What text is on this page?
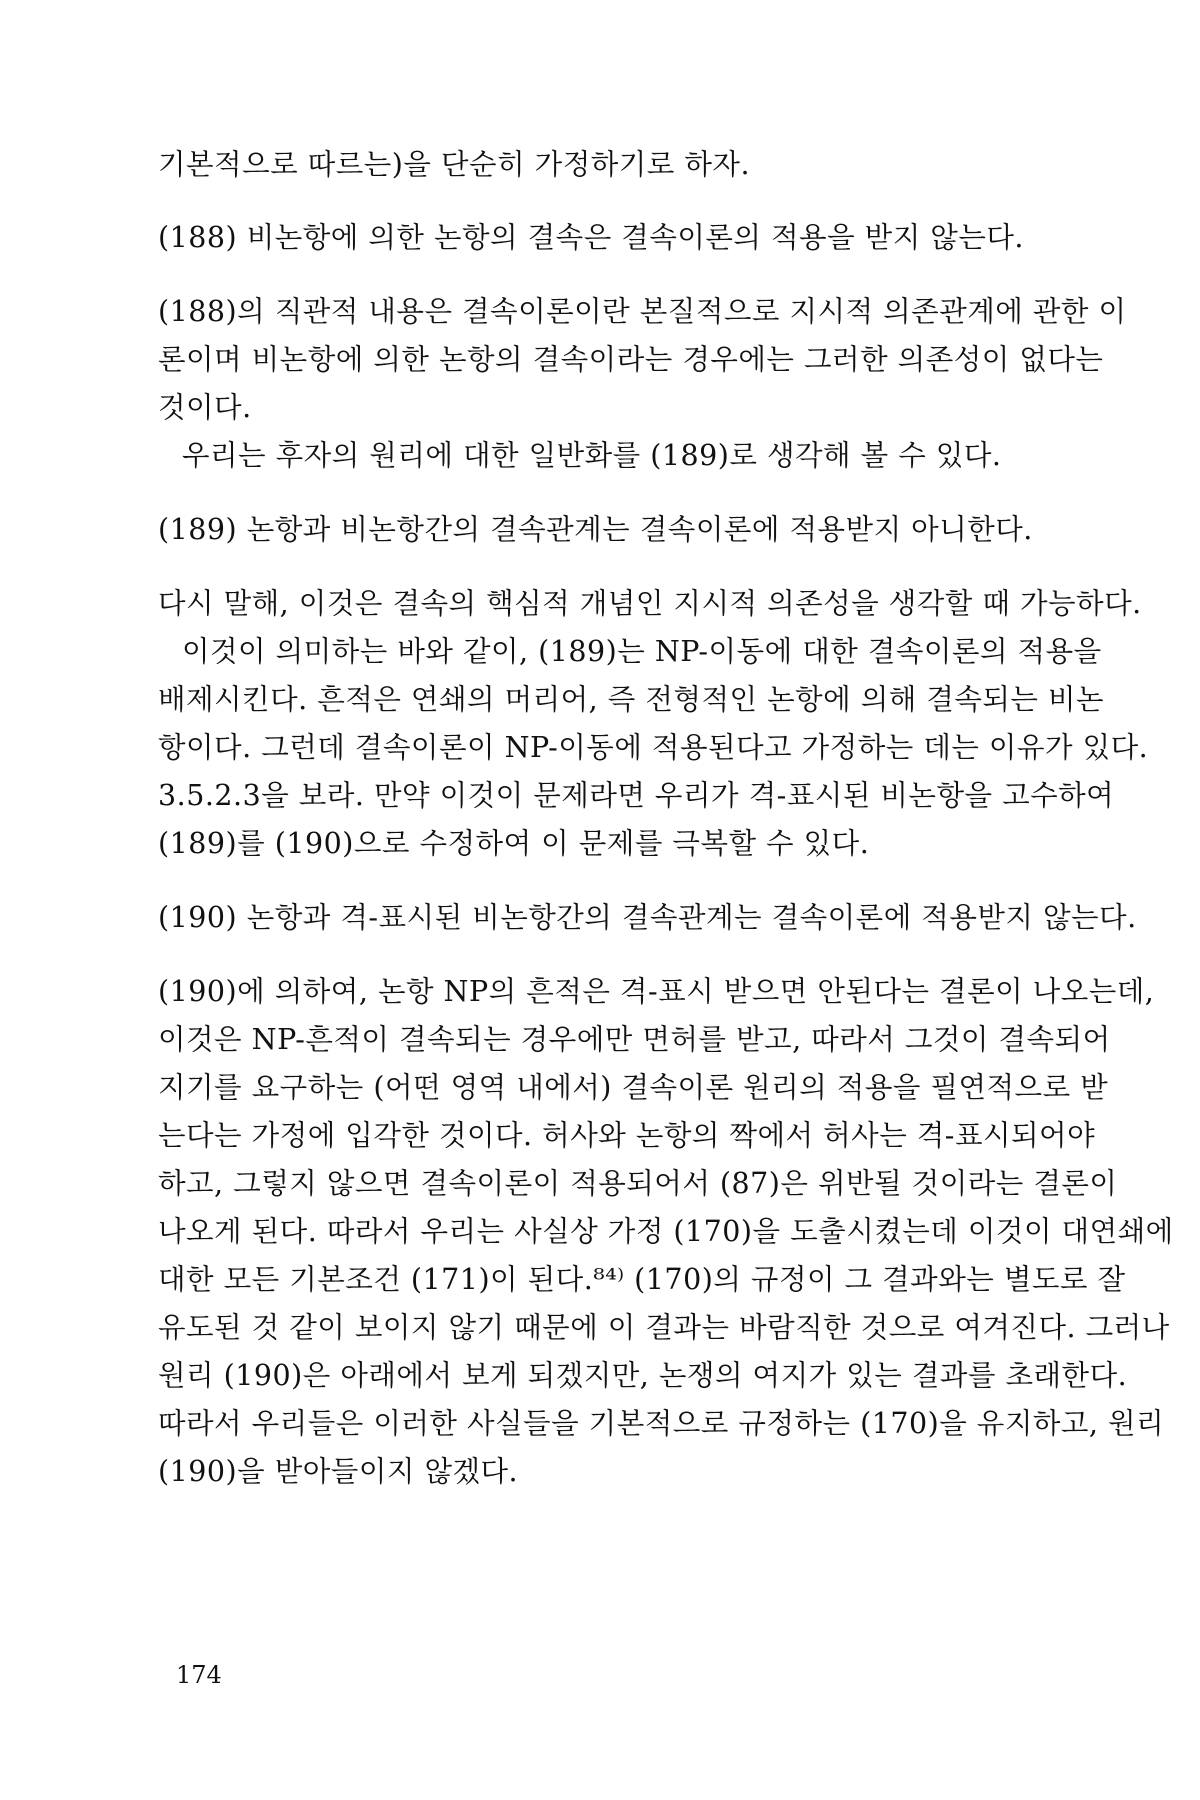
기본적으로 따르는)을 단순히 가정하기로 하자.
(188) 비논항에 의한 논항의 결속은 결속이론의 적용을 받지 않는다.
(188)의 직관적 내용은 결속이론이란 본질적으로 지시적 의존관계에 관한 이
론이며 비논항에 의한 논항의 결속이라는 경우에는 그러한 의존성이 없다는
것이다.
우리는 후자의 원리에 대한 일반화를 (189)로 생각해 볼 수 있다.
(189) 논항과 비논항간의 결속관계는 결속이론에 적용받지 아니한다.
다시 말해, 이것은 결속의 핵심적 개념인 지시적 의존성을 생각할 때 가능하다.
이것이 의미하는 바와 같이, (189)는 NP-이동에 대한 결속이론의 적용을
배제시킨다. 흔적은 연쇄의 머리어, 즉 전형적인 논항에 의해 결속되는 비논
항이다. 그런데 결속이론이 NP-이동에 적용된다고 가정하는 데는 이유가 있다.
3.5.2.3을 보라. 만약 이것이 문제라면 우리가 격-표시된 비논항을 고수하여
(189)를 (190)으로 수정하여 이 문제를 극복할 수 있다.
(190) 논항과 격-표시된 비논항간의 결속관계는 결속이론에 적용받지 않는다.
(190)에 의하여, 논항 NP의 흔적은 격-표시 받으면 안된다는 결론이 나오는데,
이것은 NP-흔적이 결속되는 경우에만 면허를 받고, 따라서 그것이 결속되어
지기를 요구하는 (어떤 영역 내에서) 결속이론 원리의 적용을 필연적으로 받
는다는 가정에 입각한 것이다. 허사와 논항의 짝에서 허사는 격-표시되어야
하고, 그렇지 않으면 결속이론이 적용되어서 (87)은 위반될 것이라는 결론이
나오게 된다. 따라서 우리는 사실상 가정 (170)을 도출시켰는데 이것이 대연쇄에
대한 모든 기본조건 (171)이 된다.⁸⁴⁾ (170)의 규정이 그 결과와는 별도로 잘
유도된 것 같이 보이지 않기 때문에 이 결과는 바람직한 것으로 여겨진다. 그러나
원리 (190)은 아래에서 보게 되겠지만, 논쟁의 여지가 있는 결과를 초래한다.
따라서 우리들은 이러한 사실들을 기본적으로 규정하는 (170)을 유지하고, 원리
(190)을 받아들이지 않겠다.
174
